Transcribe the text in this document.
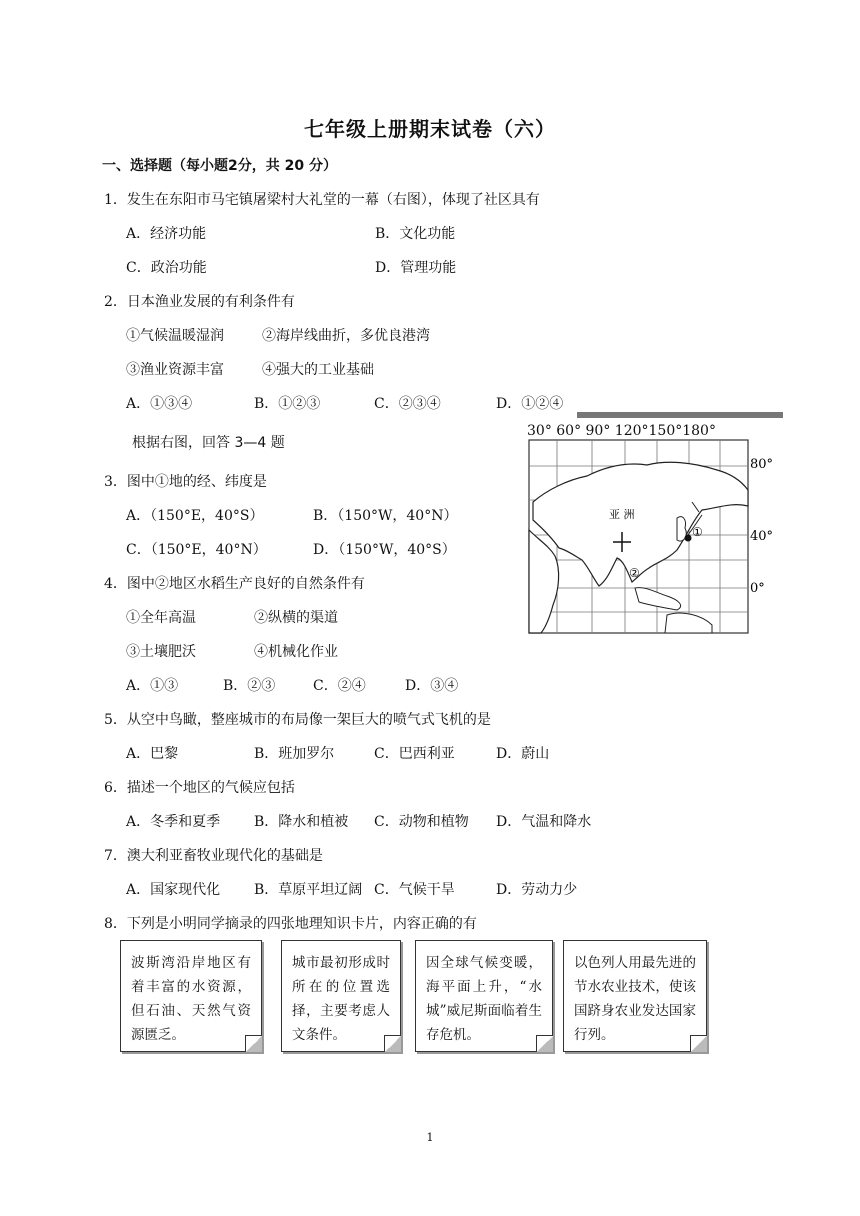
七年级上册期末试卷（六）
一、选择题（每小题2分，共 20 分）
1．发生在东阳市马宅镇屠梁村大礼堂的一幕（右图），体现了社区具有
A．经济功能	B．文化功能
C．政治功能	D．管理功能
2．日本渔业发展的有利条件有
①气候温暖湿润	②海岸线曲折，多优良港湾
③渔业资源丰富	④强大的工业基础
A．①③④	B．①②③	C．②③④	D．①②④
根据右图，回答 3—4 题
3．图中①地的经、纬度是
A．（150°E，40°S）	B．（150°W，40°N）
C．（150°E，40°N）	D．（150°W，40°S）
4．图中②地区水稻生产良好的自然条件有
①全年高温	②纵横的渠道
③土壤肥沃	④机械化作业
A．①③	B．②③	C．②④	D．③④
5．从空中鸟瞰，整座城市的布局像一架巨大的喷气式飞机的是
A．巴黎	B．班加罗尔	C．巴西利亚	D．蔚山
6．描述一个地区的气候应包括
A．冬季和夏季 B．降水和植被 C．动物和植物 D．气温和降水
7．澳大利亚畜牧业现代化的基础是
A．国家现代化 B．草原平坦辽阔 C．气候干旱	D．劳动力少
8．下列是小明同学摘录的四张地理知识卡片，内容正确的有
波斯湾沿岸地区有着丰富的水资源，但石油、天然气资源匮乏。
城市最初形成时所在的位置选择，主要考虑人文条件。
因全球气候变暖，海平面上升，“水城”威尼斯面临着生存危机。
以色列人用最先进的节水农业技术，使该国跻身农业发达国家行列。
30° 60° 90° 120°150°180°
亚 洲
①
②
80°
40°
0°
1
